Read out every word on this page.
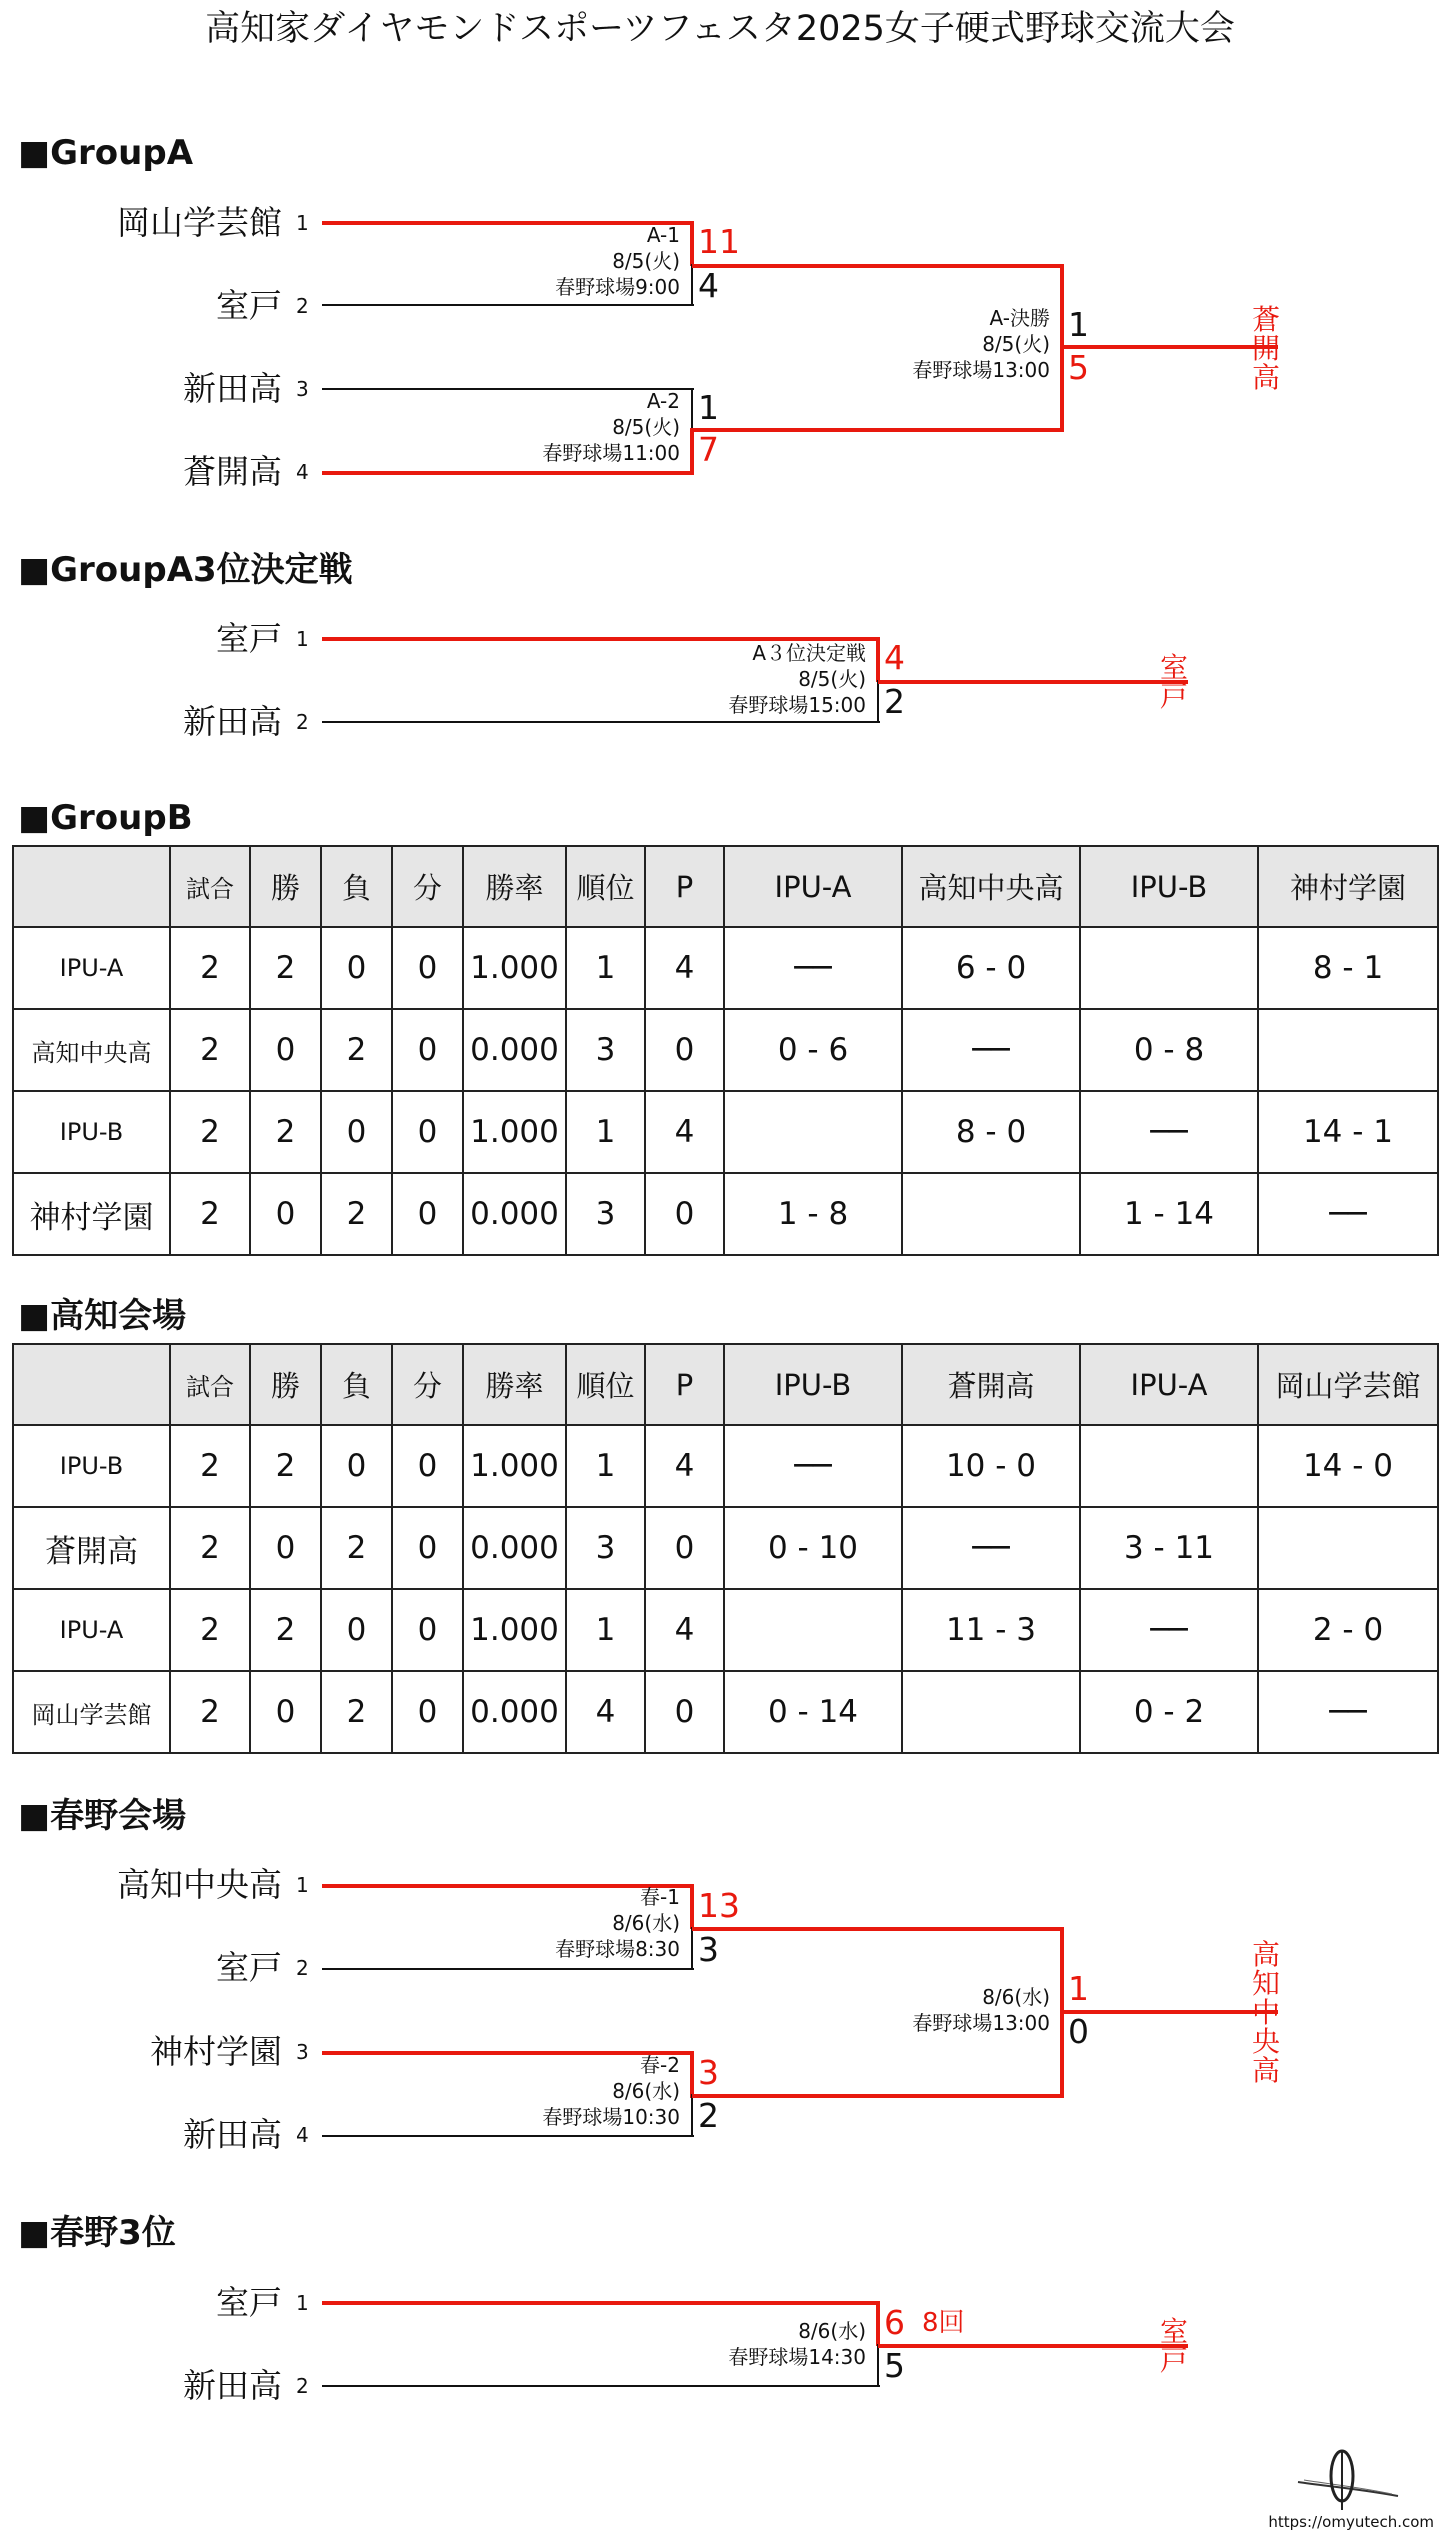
高知家ダイヤモンドスポーツフェスタ2025女子硬式野球交流大会
■GroupA
岡山学芸館 1
室戸 2
新田高 3
蒼開高 4
A-1
8/5(火)
春野球場9:00
11
4
A-2
8/5(火)
春野球場11:00
1
7
A-決勝
8/5(火)
春野球場13:00
1
5
蒼
開
高
■GroupA3位決定戦
室戸 1
新田高 2
A３位決定戦
8/5(火)
春野球場15:00
4
2
室
戸
■GroupB
	試合	勝	負	分	勝率	順位	P	IPU-A	高知中央高	IPU-B	神村学園
IPU-A	2	2	0	0	1.000	1	4	──	6 - 0		8 - 1
高知中央高	2	0	2	0	0.000	3	0	0 - 6	──	0 - 8	
IPU-B	2	2	0	0	1.000	1	4		8 - 0	──	14 - 1
神村学園	2	0	2	0	0.000	3	0	1 - 8		1 - 14	──
■高知会場
	試合	勝	負	分	勝率	順位	P	IPU-B	蒼開高	IPU-A	岡山学芸館
IPU-B	2	2	0	0	1.000	1	4	──	10 - 0		14 - 0
蒼開高	2	0	2	0	0.000	3	0	0 - 10	──	3 - 11	
IPU-A	2	2	0	0	1.000	1	4		11 - 3	──	2 - 0
岡山学芸館	2	0	2	0	0.000	4	0	0 - 14		0 - 2	──
■春野会場
高知中央高 1
室戸 2
神村学園 3
新田高 4
春-1
8/6(水)
春野球場8:30
13
3
春-2
8/6(水)
春野球場10:30
3
2
8/6(水)
春野球場13:00
1
0
高
知
中
央
高
■春野3位
室戸 1
新田高 2
8/6(水)
春野球場14:30
6 8回
5
室
戸
https://omyutech.com
